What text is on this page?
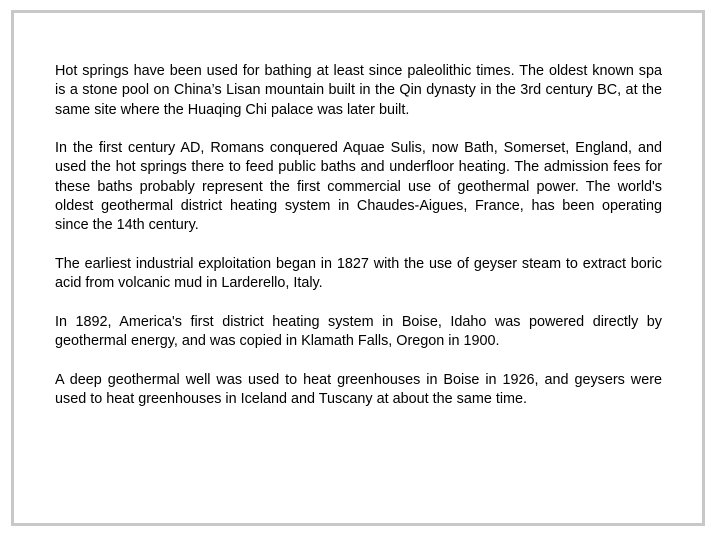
Hot springs have been used for bathing at least since paleolithic times. The oldest known spa is a stone pool on China’s Lisan mountain built in the Qin dynasty in the 3rd century BC, at the same site where the Huaqing Chi palace was later built.

In the first century AD, Romans conquered Aquae Sulis, now Bath, Somerset, England, and used the hot springs there to feed public baths and underfloor heating. The admission fees for these baths probably represent the first commercial use of geothermal power. The world's oldest geothermal district heating system in Chaudes-Aigues, France, has been operating since the 14th century.

The earliest industrial exploitation began in 1827 with the use of geyser steam to extract boric acid from volcanic mud in Larderello, Italy.

In 1892, America's first district heating system in Boise, Idaho was powered directly by geothermal energy, and was copied in Klamath Falls, Oregon in 1900.

A deep geothermal well was used to heat greenhouses in Boise in 1926, and geysers were used to heat greenhouses in Iceland and Tuscany at about the same time.
